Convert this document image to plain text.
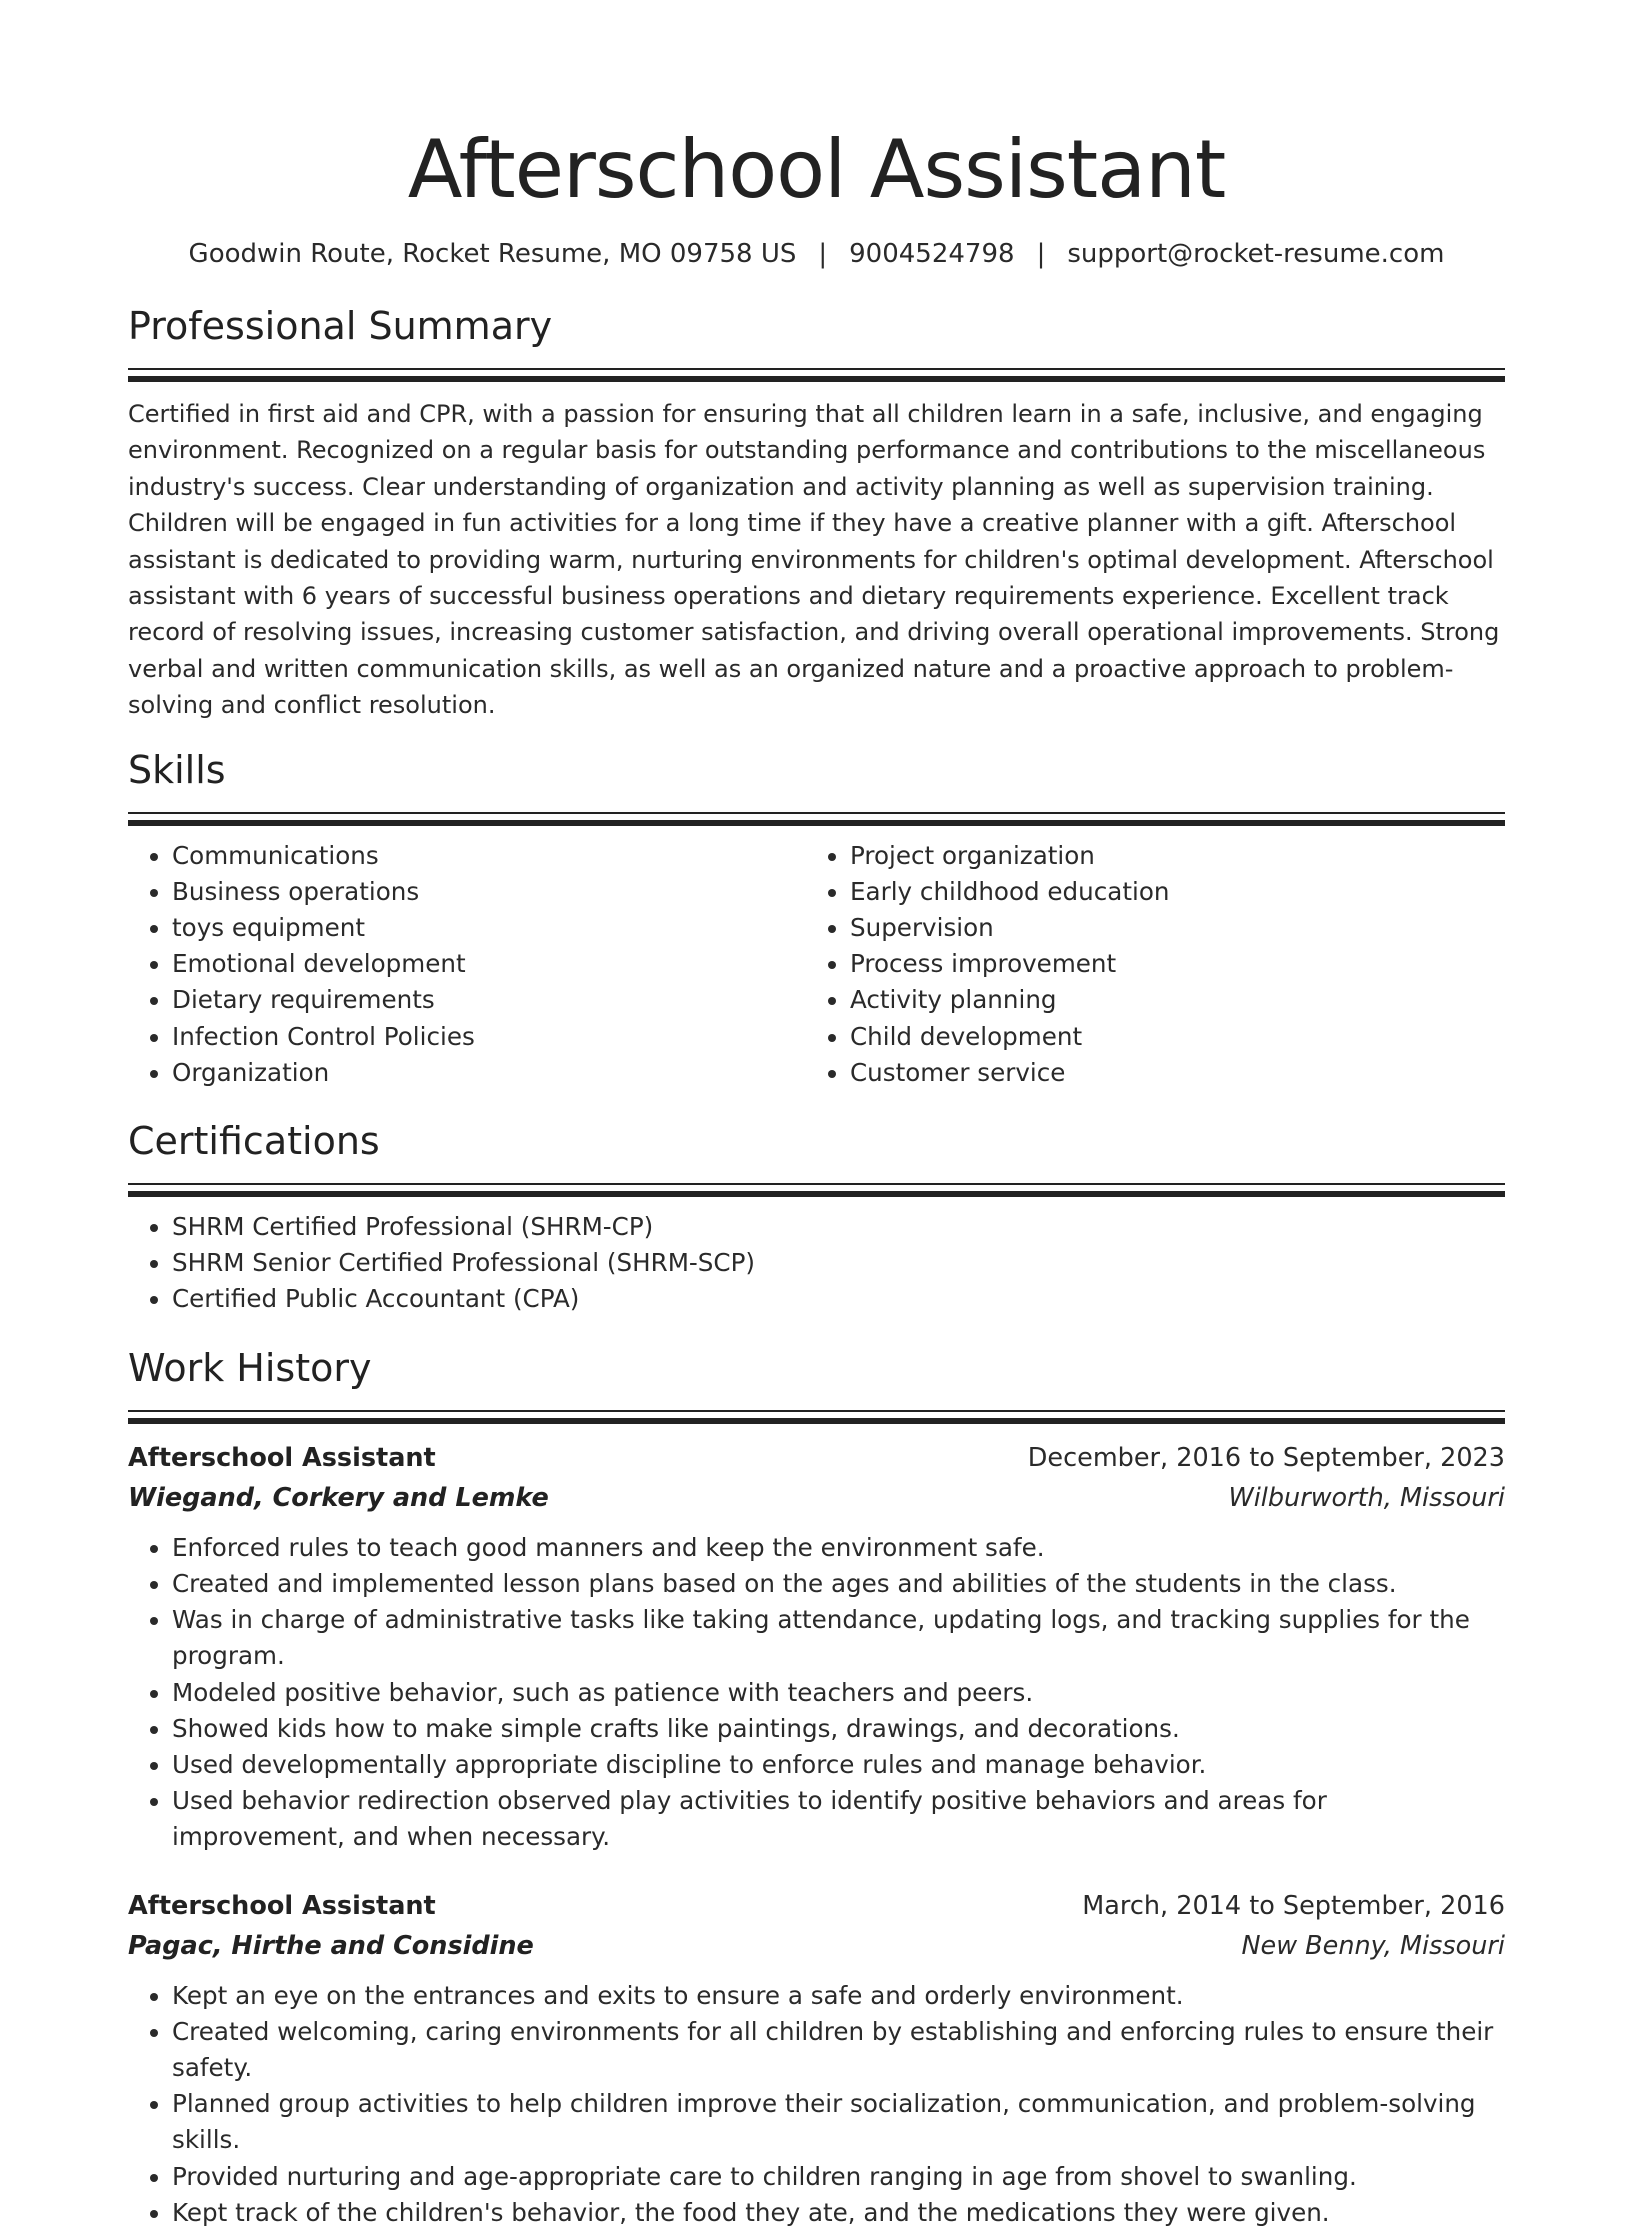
Afterschool Assistant
Goodwin Route, Rocket Resume, MO 09758 US | 9004524798 | support@rocket-resume.com
Professional Summary
Certified in first aid and CPR, with a passion for ensuring that all children learn in a safe, inclusive, and engaging environment. Recognized on a regular basis for outstanding performance and contributions to the miscellaneous industry's success. Clear understanding of organization and activity planning as well as supervision training. Children will be engaged in fun activities for a long time if they have a creative planner with a gift. Afterschool assistant is dedicated to providing warm, nurturing environments for children's optimal development. Afterschool assistant with 6 years of successful business operations and dietary requirements experience. Excellent track record of resolving issues, increasing customer satisfaction, and driving overall operational improvements. Strong verbal and written communication skills, as well as an organized nature and a proactive approach to problem-solving and conflict resolution.
Skills
• Communications
• Business operations
• toys equipment
• Emotional development
• Dietary requirements
• Infection Control Policies
• Organization
• Project organization
• Early childhood education
• Supervision
• Process improvement
• Activity planning
• Child development
• Customer service
Certifications
• SHRM Certified Professional (SHRM-CP)
• SHRM Senior Certified Professional (SHRM-SCP)
• Certified Public Accountant (CPA)
Work History
Afterschool Assistant	December, 2016 to September, 2023
Wiegand, Corkery and Lemke	Wilburworth, Missouri
• Enforced rules to teach good manners and keep the environment safe.
• Created and implemented lesson plans based on the ages and abilities of the students in the class.
• Was in charge of administrative tasks like taking attendance, updating logs, and tracking supplies for the program.
• Modeled positive behavior, such as patience with teachers and peers.
• Showed kids how to make simple crafts like paintings, drawings, and decorations.
• Used developmentally appropriate discipline to enforce rules and manage behavior.
• Used behavior redirection observed play activities to identify positive behaviors and areas for improvement, and when necessary.
Afterschool Assistant	March, 2014 to September, 2016
Pagac, Hirthe and Considine	New Benny, Missouri
• Kept an eye on the entrances and exits to ensure a safe and orderly environment.
• Created welcoming, caring environments for all children by establishing and enforcing rules to ensure their safety.
• Planned group activities to help children improve their socialization, communication, and problem-solving skills.
• Provided nurturing and age-appropriate care to children ranging in age from shovel to swanling.
• Kept track of the children's behavior, the food they ate, and the medications they were given.
